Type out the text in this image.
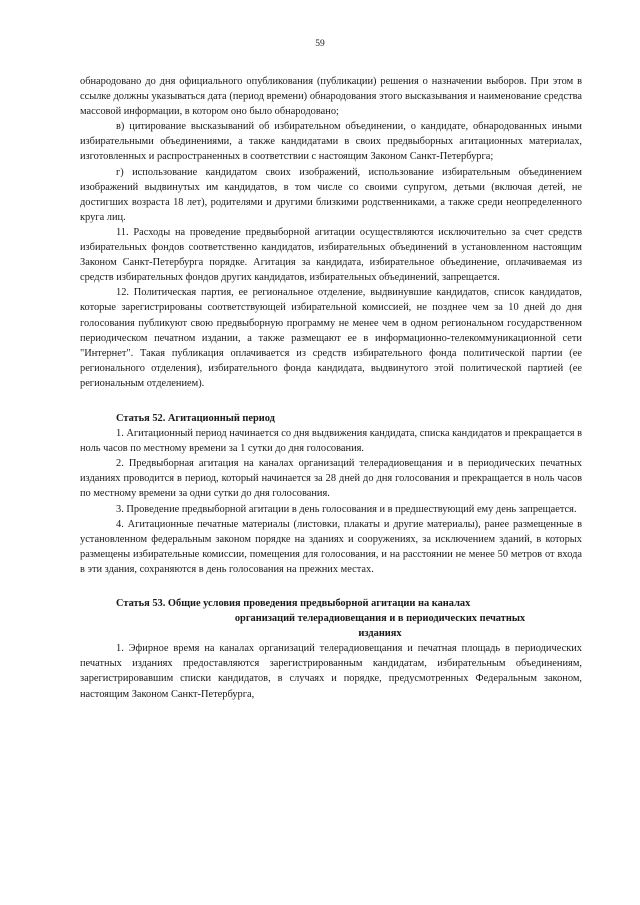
59

обнародовано до дня официального опубликования (публикации) решения о назначении выборов. При этом в ссылке должны указываться дата (период времени) обнародования этого высказывания и наименование средства массовой информации, в котором оно было обнародовано;

в) цитирование высказываний об избирательном объединении, о кандидате, обнародованных иными избирательными объединениями, а также кандидатами в своих предвыборных агитационных материалах, изготовленных и распространенных в соответствии с настоящим Законом Санкт-Петербурга;

г) использование кандидатом своих изображений, использование избирательным объединением изображений выдвинутых им кандидатов, в том числе со своими супругом, детьми (включая детей, не достигших возраста 18 лет), родителями и другими близкими родственниками, а также среди неопределенного круга лиц.

11. Расходы на проведение предвыборной агитации осуществляются исключительно за счет средств избирательных фондов соответственно кандидатов, избирательных объединений в установленном настоящим Законом Санкт-Петербурга порядке. Агитация за кандидата, избирательное объединение, оплачиваемая из средств избирательных фондов других кандидатов, избирательных объединений, запрещается.

12. Политическая партия, ее региональное отделение, выдвинувшие кандидатов, список кандидатов, которые зарегистрированы соответствующей избирательной комиссией, не позднее чем за 10 дней до дня голосования публикуют свою предвыборную программу не менее чем в одном региональном государственном периодическом печатном издании, а также размещают ее в информационно-телекоммуникационной сети "Интернет". Такая публикация оплачивается из средств избирательного фонда политической партии (ее регионального отделения), избирательного фонда кандидата, выдвинутого этой политической партией (ее региональным отделением).

Статья 52. Агитационный период

1. Агитационный период начинается со дня выдвижения кандидата, списка кандидатов и прекращается в ноль часов по местному времени за 1 сутки до дня голосования.

2. Предвыборная агитация на каналах организаций телерадиовещания и в периодических печатных изданиях проводится в период, который начинается за 28 дней до дня голосования и прекращается в ноль часов по местному времени за одни сутки до дня голосования.

3. Проведение предвыборной агитации в день голосования и в предшествующий ему день запрещается.

4. Агитационные печатные материалы (листовки, плакаты и другие материалы), ранее размещенные в установленном федеральным законом порядке на зданиях и сооружениях, за исключением зданий, в которых размещены избирательные комиссии, помещения для голосования, и на расстоянии не менее 50 метров от входа в эти здания, сохраняются в день голосования на прежних местах.

Статья 53. Общие условия проведения предвыборной агитации на каналах
организаций телерадиовещания и в периодических печатных
изданиях

1. Эфирное время на каналах организаций телерадиовещания и печатная площадь в периодических печатных изданиях предоставляются зарегистрированным кандидатам, избирательным объединениям, зарегистрировавшим списки кандидатов, в случаях и порядке, предусмотренных Федеральным законом, настоящим Законом Санкт-Петербурга,
